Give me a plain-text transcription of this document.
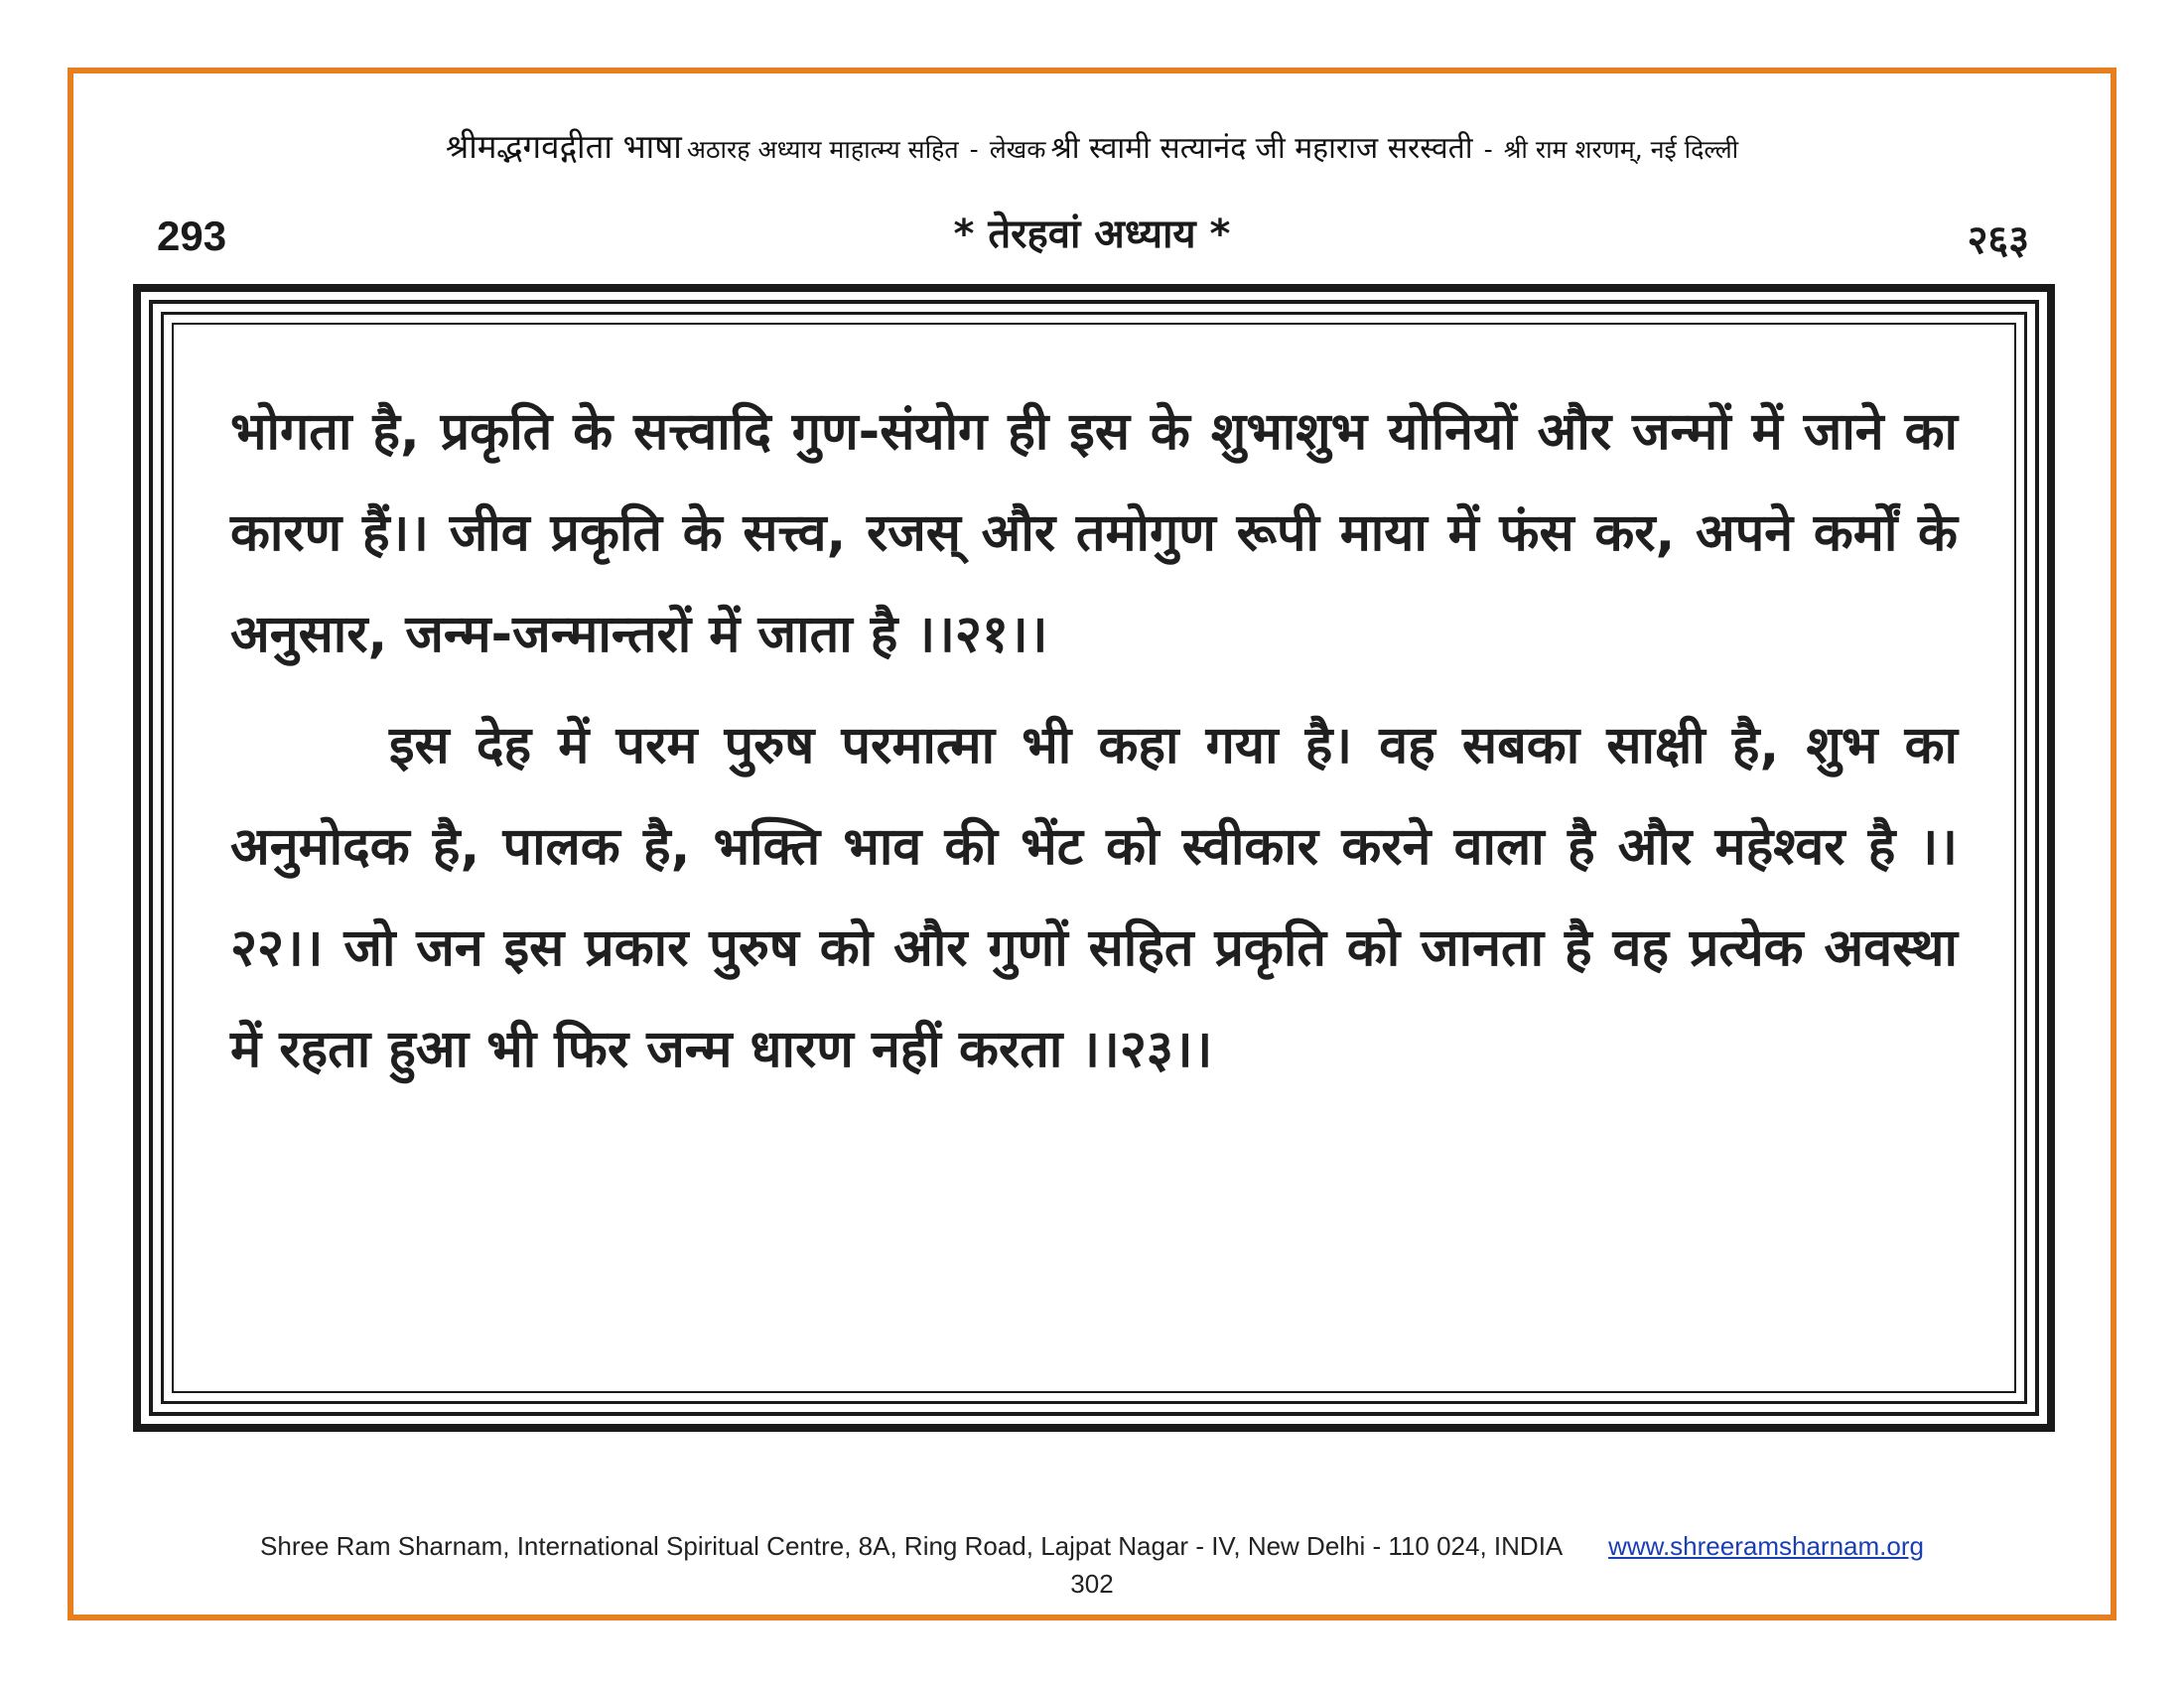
श्रीमद्भगवद्गीता भाषा अठारह अध्याय माहात्म्य सहित - लेखक श्री स्वामी सत्यानंद जी महाराज सरस्वती - श्री राम शरणम्, नई दिल्ली
293	* तेरहवां अध्याय *	२६३

भोगता है, प्रकृति के सत्त्वादि गुण-संयोग ही इस के शुभाशुभ योनियों और जन्मों में जाने का कारण हैं।। जीव प्रकृति के सत्त्व, रजस् और तमोगुण रूपी माया में फंस कर, अपने कर्मों के अनुसार, जन्म-जन्मान्तरों में जाता है ।।२१।।

इस देह में परम पुरुष परमात्मा भी कहा गया है। वह सबका साक्षी है, शुभ का अनुमोदक है, पालक है, भक्ति भाव की भेंट को स्वीकार करने वाला है और महेश्वर है ।।२२।। जो जन इस प्रकार पुरुष को और गुणों सहित प्रकृति को जानता है वह प्रत्येक अवस्था में रहता हुआ भी फिर जन्म धारण नहीं करता ।।२३।।

Shree Ram Sharnam, International Spiritual Centre, 8A, Ring Road, Lajpat Nagar - IV, New Delhi - 110 024, INDIA www.shreeramsharnam.org
302
